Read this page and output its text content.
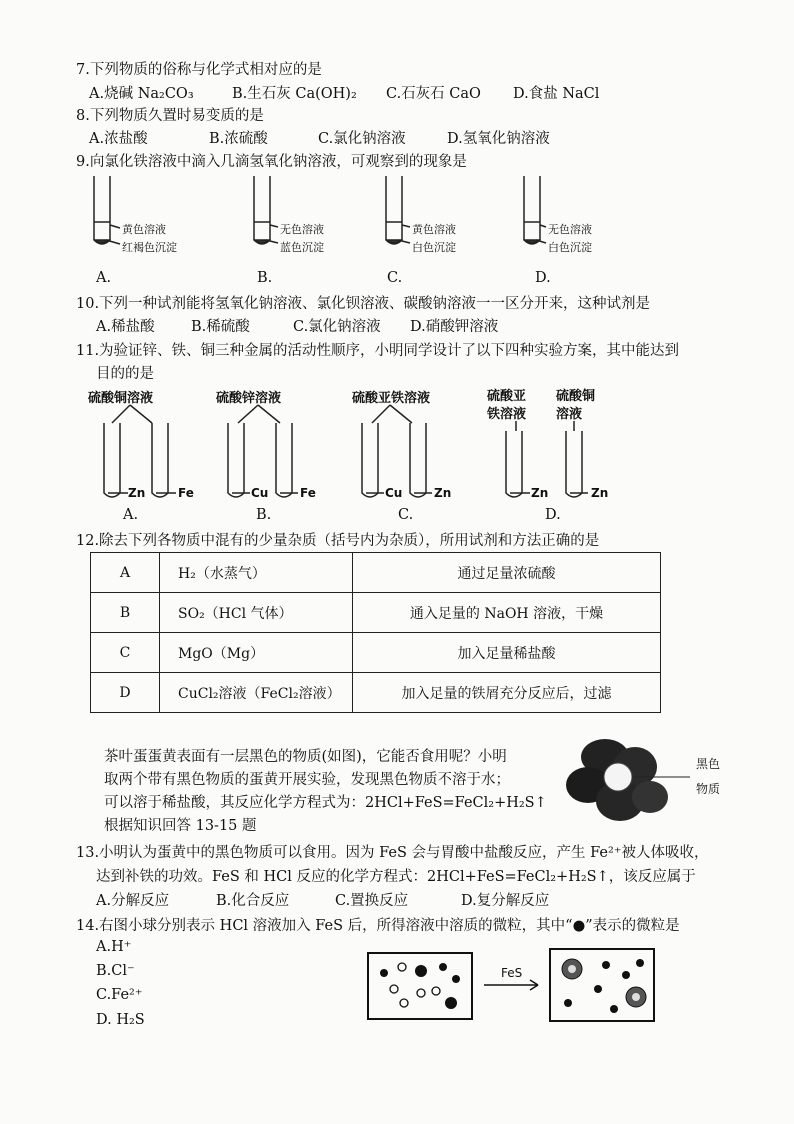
7.下列物质的俗称与化学式相对应的是
A.烧碱 Na₂CO₃	B.生石灰 Ca(OH)₂ C.石灰石 CaO D.食盐 NaCl
8.下列物质久置时易变质的是
A.浓盐酸	B.浓硫酸	C.氯化钠溶液	D.氢氧化钠溶液
9.向氯化铁溶液中滴入几滴氢氧化钠溶液，可观察到的现象是
黄色溶液
红褐色沉淀
无色溶液
蓝色沉淀
黄色溶液
白色沉淀
无色溶液
白色沉淀
A.	B.	C.	D.
10.下列一种试剂能将氢氧化钠溶液、氯化钡溶液、碳酸钠溶液一一区分开来，这种试剂是
A.稀盐酸	B.稀硫酸	C.氯化钠溶液 D.硝酸钾溶液
11.为验证锌、铁、铜三种金属的活动性顺序，小明同学设计了以下四种实验方案，其中能达到
目的的是
硫酸铜溶液	硫酸锌溶液	硫酸亚铁溶液	硫酸亚
铁溶液
硫酸铜
溶液
Zn	Fe	Cu	Fe	Cu	Zn	Zn	Zn
A.	B.	C.	D.
12.除去下列各物质中混有的少量杂质（括号内为杂质），所用试剂和方法正确的是
A	H₂（水蒸气）	通过足量浓硫酸
B	SO₂（HCl 气体）	通入足量的 NaOH 溶液，干燥
C	MgO（Mg）	加入足量稀盐酸
D	CuCl₂溶液（FeCl₂溶液）	加入足量的铁屑充分反应后，过滤
茶叶蛋蛋黄表面有一层黑色的物质(如图)，它能否食用呢？小明
取两个带有黑色物质的蛋黄开展实验，发现黑色物质不溶于水；
可以溶于稀盐酸，其反应化学方程式为：2HCl+FeS=FeCl₂+H₂S↑
根据知识回答 13-15 题
黑色
物质
13.小明认为蛋黄中的黑色物质可以食用。因为 FeS 会与胃酸中盐酸反应，产生 Fe²⁺被人体吸收，
达到补铁的功效。FeS 和 HCl 反应的化学方程式：2HCl+FeS=FeCl₂+H₂S↑，该反应属于
A.分解反应	B.化合反应	C.置换反应	D.复分解反应
14.右图小球分别表示 HCl 溶液加入 FeS 后，所得溶液中溶质的微粒，其中“●”表示的微粒是
A.H⁺
B.Cl⁻
C.Fe²⁺
D. H₂S
FeS
